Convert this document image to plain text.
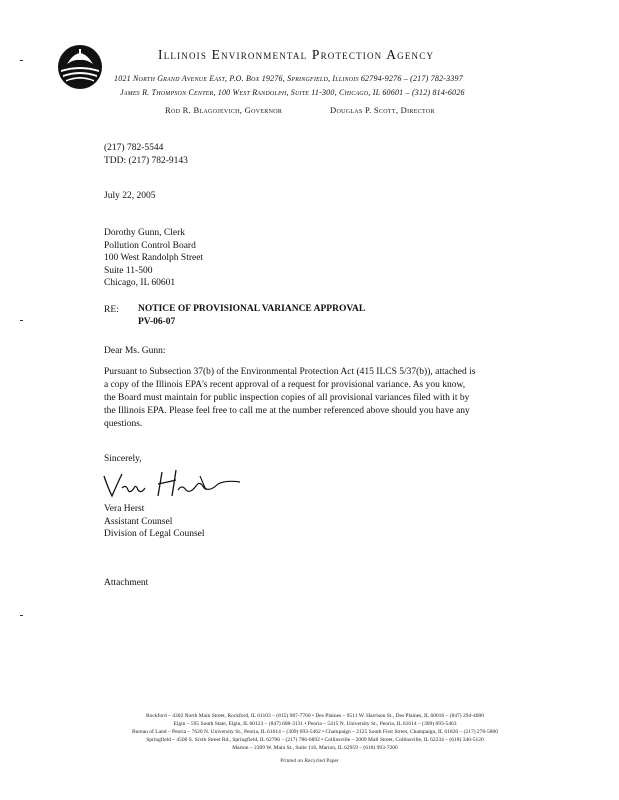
Illinois Environmental Protection Agency
1021 North Grand Avenue East, P.O. Box 19276, Springfield, Illinois 62794-9276 – (217) 782-3397
James R. Thompson Center, 100 West Randolph, Suite 11-300, Chicago, IL 60601 – (312) 814-6026
Rod R. Blagojevich, Governor	Douglas P. Scott, Director
(217) 782-5544
TDD: (217) 782-9143
July 22, 2005
Dorothy Gunn, Clerk
Pollution Control Board
100 West Randolph Street
Suite 11-500
Chicago, IL 60601
RE: NOTICE OF PROVISIONAL VARIANCE APPROVAL
PV-06-07
Dear Ms. Gunn:
Pursuant to Subsection 37(b) of the Environmental Protection Act (415 ILCS 5/37(b)), attached is
a copy of the Illinois EPA's recent approval of a request for provisional variance. As you know,
the Board must maintain for public inspection copies of all provisional variances filed with it by
the Illinois EPA. Please feel free to call me at the number referenced above should you have any
questions.
Sincerely,
Vera Herst
Assistant Counsel
Division of Legal Counsel
Attachment
Rockford – 4302 North Main Street, Rockford, IL 61103 – (815) 987-7760 • Des Plaines – 9511 W. Harrison St., Des Plaines, IL 60016 – (847) 294-4000
Elgin – 595 South State, Elgin, IL 60123 – (847) 608-3131 • Peoria – 5415 N. University St., Peoria, IL 61614 – (309) 693-5463
Bureau of Land – Peoria – 7620 N. University St., Peoria, IL 61614 – (309) 693-5462 • Champaign – 2125 South First Street, Champaign, IL 61820 – (217) 278-5800
Springfield – 4500 S. Sixth Street Rd., Springfield, IL 62706 – (217) 786-6892 • Collinsville – 2009 Mall Street, Collinsville, IL 62234 – (618) 346-5120
Marion – 2309 W. Main St., Suite 116, Marion, IL 62959 – (618) 993-7200
Printed on Recycled Paper
